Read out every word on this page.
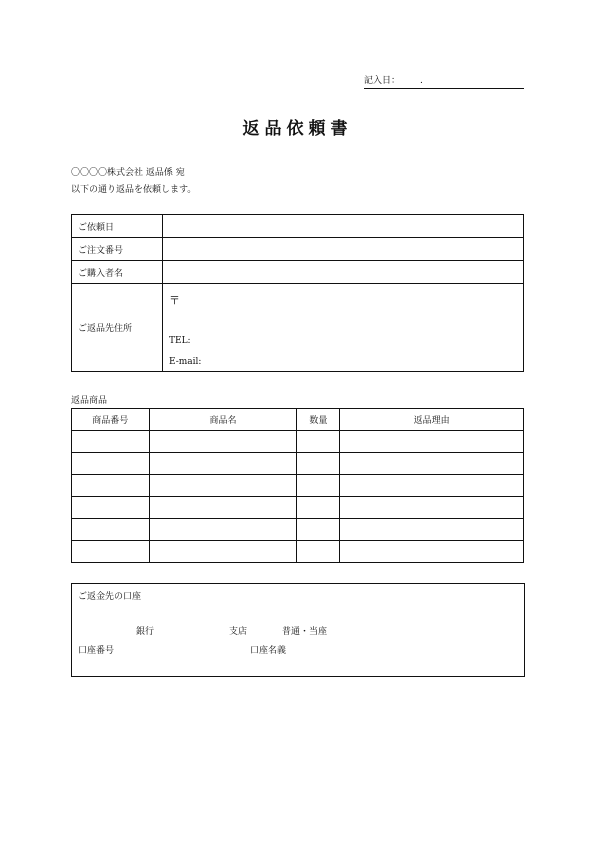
記入日： .
返品依頼書
〇〇〇〇株式会社 返品係 宛
以下の通り返品を依頼します。
ご依頼日	
ご注文番号	
ご購入者名	
ご返品先住所	〒
TEL:
E-mail:
返品商品
商品番号	商品名	数量	返品理由

ご返金先の口座
銀行	支店	普通・当座
口座番号	口座名義
